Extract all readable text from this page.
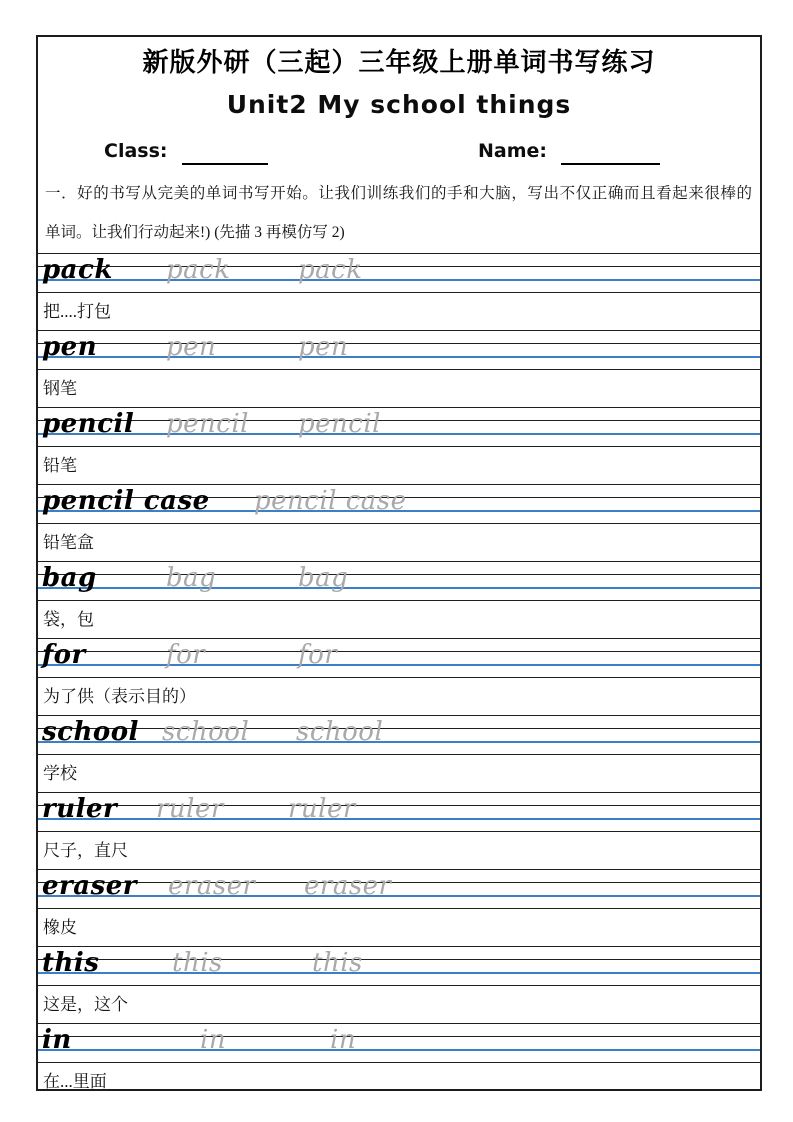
新版外研（三起）三年级上册单词书写练习
Unit2 My school things
Class:	Name:
一．好的书写从完美的单词书写开始。让我们训练我们的手和大脑，写出不仅正确而且看起来很棒的
单词。让我们行动起来!) (先描 3 再模仿写 2)
pack pack	pack
把....打包
pen	pen	pen
钢笔
pencil pencil pencil
铅笔
pencil case pencil case
铅笔盒
bag	bag	bag
袋，包
for	for	for
为了供（表示目的）
school school school
学校
ruler ruler ruler
尺子，直尺
eraser eraser eraser
橡皮
this	this	this
这是，这个
in	in	in
在...里面
